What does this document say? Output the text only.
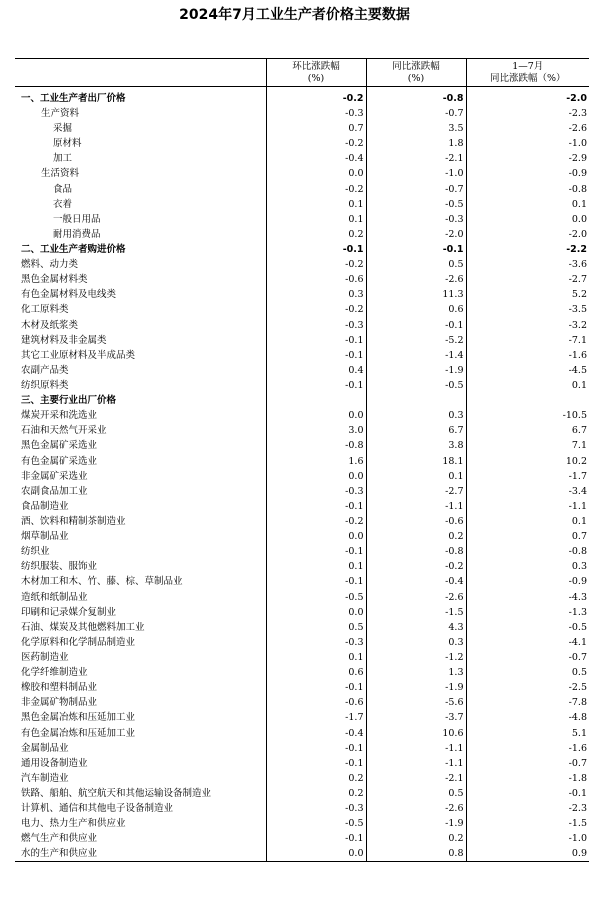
2024年7月工业生产者价格主要数据

	环比涨跌幅
(%)	同比涨跌幅
(%)	1—7月
同比涨跌幅（%）

一、工业生产者出厂价格	-0.2	-0.8	-2.0
生产资料	-0.3	-0.7	-2.3
采掘	0.7	3.5	-2.6
原材料	-0.2	1.8	-1.0
加工	-0.4	-2.1	-2.9
生活资料	0.0	-1.0	-0.9
食品	-0.2	-0.7	-0.8
衣着	0.1	-0.5	0.1
一般日用品	0.1	-0.3	0.0
耐用消费品	0.2	-2.0	-2.0
二、工业生产者购进价格	-0.1	-0.1	-2.2
燃料、动力类	-0.2	0.5	-3.6
黑色金属材料类	-0.6	-2.6	-2.7
有色金属材料及电线类	0.3	11.3	5.2
化工原料类	-0.2	0.6	-3.5
木材及纸浆类	-0.3	-0.1	-3.2
建筑材料及非金属类	-0.1	-5.2	-7.1
其它工业原材料及半成品类	-0.1	-1.4	-1.6
农副产品类	0.4	-1.9	-4.5
纺织原料类	-0.1	-0.5	0.1
三、主要行业出厂价格			
煤炭开采和洗选业	0.0	0.3	-10.5
石油和天然气开采业	3.0	6.7	6.7
黑色金属矿采选业	-0.8	3.8	7.1
有色金属矿采选业	1.6	18.1	10.2
非金属矿采选业	0.0	0.1	-1.7
农副食品加工业	-0.3	-2.7	-3.4
食品制造业	-0.1	-1.1	-1.1
酒、饮料和精制茶制造业	-0.2	-0.6	0.1
烟草制品业	0.0	0.2	0.7
纺织业	-0.1	-0.8	-0.8
纺织服装、服饰业	0.1	-0.2	0.3
木材加工和木、竹、藤、棕、草制品业	-0.1	-0.4	-0.9
造纸和纸制品业	-0.5	-2.6	-4.3
印刷和记录媒介复制业	0.0	-1.5	-1.3
石油、煤炭及其他燃料加工业	0.5	4.3	-0.5
化学原料和化学制品制造业	-0.3	0.3	-4.1
医药制造业	0.1	-1.2	-0.7
化学纤维制造业	0.6	1.3	0.5
橡胶和塑料制品业	-0.1	-1.9	-2.5
非金属矿物制品业	-0.6	-5.6	-7.8
黑色金属冶炼和压延加工业	-1.7	-3.7	-4.8
有色金属冶炼和压延加工业	-0.4	10.6	5.1
金属制品业	-0.1	-1.1	-1.6
通用设备制造业	-0.1	-1.1	-0.7
汽车制造业	0.2	-2.1	-1.8
铁路、船舶、航空航天和其他运输设备制造业	0.2	0.5	-0.1
计算机、通信和其他电子设备制造业	-0.3	-2.6	-2.3
电力、热力生产和供应业	-0.5	-1.9	-1.5
燃气生产和供应业	-0.1	0.2	-1.0
水的生产和供应业	0.0	0.8	0.9
